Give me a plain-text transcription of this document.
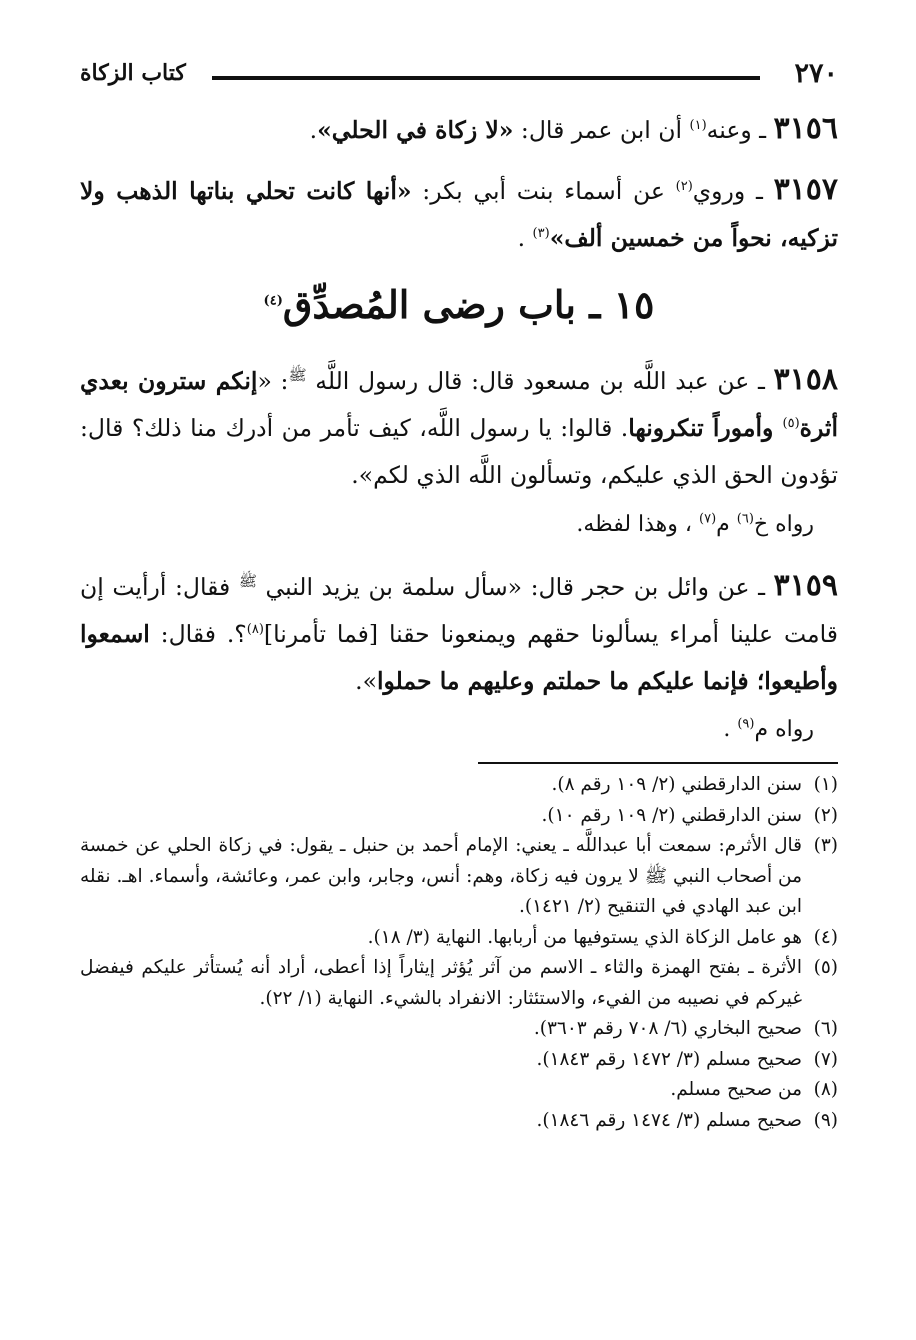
٢٧٠
كتاب الزكاة
٣١٥٦ ـ وعنه$^{(١)}$ أن ابن عمر قال: «لا زكاة في الحلي».
٣١٥٧ ـ وروي$^{(٢)}$ عن أسماء بنت أبي بكر: «أنها كانت تحلي بناتها الذهب ولا تزكيه، نحواً من خمسين ألف»$^{(٣)}$ .
١٥ ـ باب رضى المُصدِّق$^{(٤)}$
٣١٥٨ ـ عن عبد اللَّه بن مسعود قال: قال رسول اللَّه ﷺ: «إنكم سترون بعدي أثرة$^{(٥)}$ وأموراً تنكرونها. قالوا: يا رسول اللَّه، كيف تأمر من أدرك منا ذلك؟ قال: تؤدون الحق الذي عليكم، وتسألون اللَّه الذي لكم».
رواه خ$^{(٦)}$ م$^{(٧)}$ ، وهذا لفظه.
٣١٥٩ ـ عن وائل بن حجر قال: «سأل سلمة بن يزيد النبي ﷺ فقال: أرأيت إن قامت علينا أمراء يسألونا حقهم ويمنعونا حقنا [فما تأمرنا]$^{(٨)}$؟. فقال: اسمعوا وأطيعوا؛ فإنما عليكم ما حملتم وعليهم ما حملوا».
رواه م$^{(٩)}$ .
(١)
سنن الدارقطني (٢/ ١٠٩ رقم ٨).
(٢)
سنن الدارقطني (٢/ ١٠٩ رقم ١٠).
(٣)
قال الأثرم: سمعت أبا عبداللَّه ـ يعني: الإمام أحمد بن حنبل ـ يقول: في زكاة الحلي عن خمسة من أصحاب النبي ﷺ لا يرون فيه زكاة، وهم: أنس، وجابر، وابن عمر، وعائشة، وأسماء. اهـ. نقله ابن عبد الهادي في التنقيح (٢/ ١٤٢١).
(٤)
هو عامل الزكاة الذي يستوفيها من أربابها. النهاية (٣/ ١٨).
(٥)
الأثرة ـ بفتح الهمزة والثاء ـ الاسم من آثر يُؤثر إيثاراً إذا أعطى، أراد أنه يُستأثر عليكم فيفضل غيركم في نصيبه من الفيء، والاستئثار: الانفراد بالشيء. النهاية (١/ ٢٢).
(٦)
صحيح البخاري (٦/ ٧٠٨ رقم ٣٦٠٣).
(٧)
صحيح مسلم (٣/ ١٤٧٢ رقم ١٨٤٣).
(٨)
من صحيح مسلم.
(٩)
صحيح مسلم (٣/ ١٤٧٤ رقم ١٨٤٦).
